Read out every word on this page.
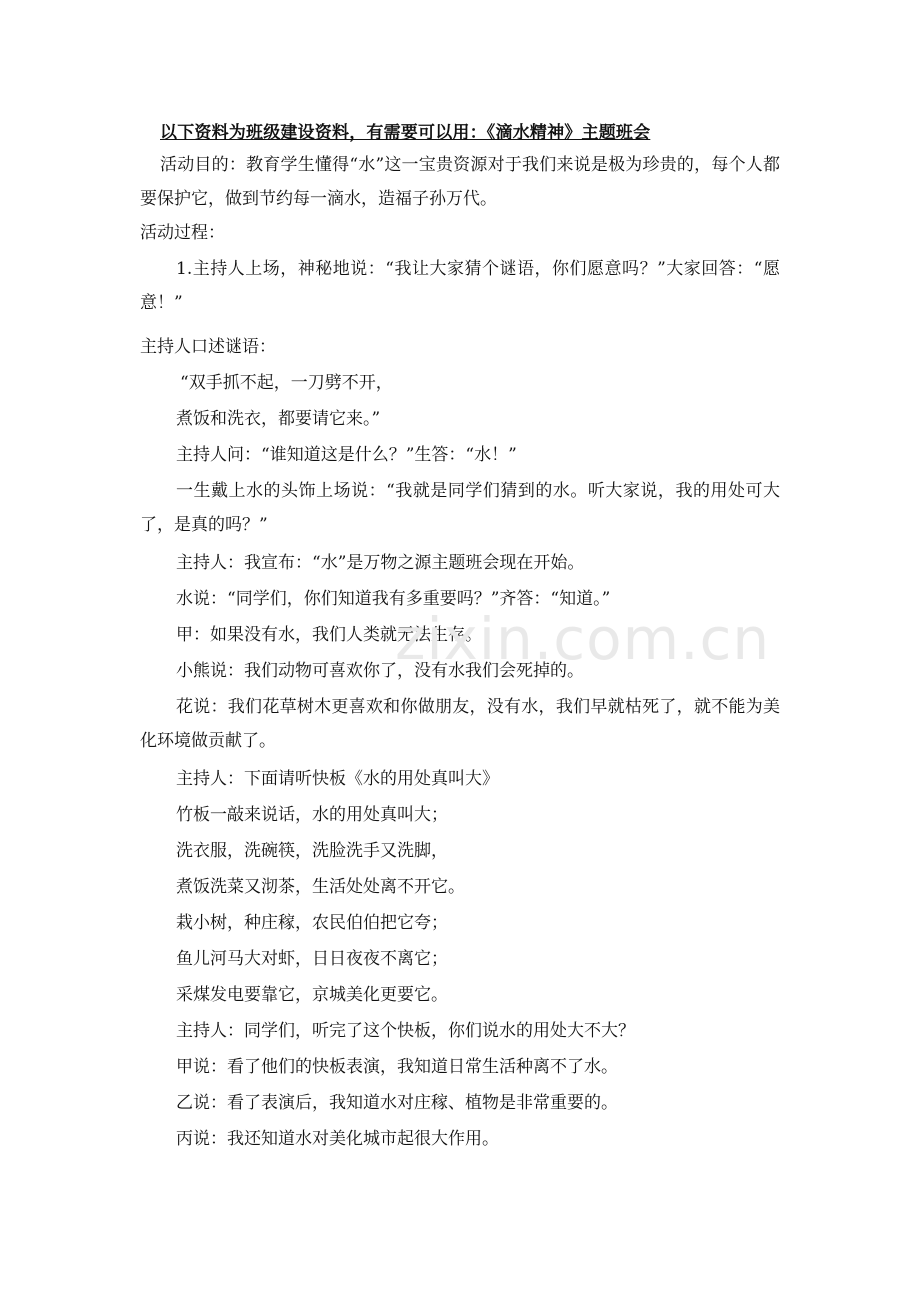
以下资料为班级建设资料，有需要可以用：《滴水精神》主题班会

活动目的：教育学生懂得“水”这一宝贵资源对于我们来说是极为珍贵的，每个人都要保护它，做到节约每一滴水，造福子孙万代。

活动过程：

1.主持人上场，神秘地说：“我让大家猜个谜语，你们愿意吗？”大家回答：“愿意！”

主持人口述谜语：
“双手抓不起，一刀劈不开，
煮饭和洗衣，都要请它来。”
主持人问：“谁知道这是什么？”生答：“水！”

一生戴上水的头饰上场说：“我就是同学们猜到的水。听大家说，我的用处可大了，是真的吗？”

主持人：我宣布：“水”是万物之源主题班会现在开始。
水说：“同学们，你们知道我有多重要吗？”齐答：“知道。”
甲：如果没有水，我们人类就无法生存。
小熊说：我们动物可喜欢你了，没有水我们会死掉的。

花说：我们花草树木更喜欢和你做朋友，没有水，我们早就枯死了，就不能为美化环境做贡献了。

主持人：下面请听快板《水的用处真叫大》
竹板一敲来说话，水的用处真叫大；
洗衣服，洗碗筷，洗脸洗手又洗脚，
煮饭洗菜又沏茶，生活处处离不开它。
栽小树，种庄稼，农民伯伯把它夸；
鱼儿河马大对虾，日日夜夜不离它；
采煤发电要靠它，京城美化更要它。
主持人：同学们，听完了这个快板，你们说水的用处大不大？
甲说：看了他们的快板表演，我知道日常生活种离不了水。
乙说：看了表演后，我知道水对庄稼、植物是非常重要的。
丙说：我还知道水对美化城市起很大作用。
zixin.com.cn
